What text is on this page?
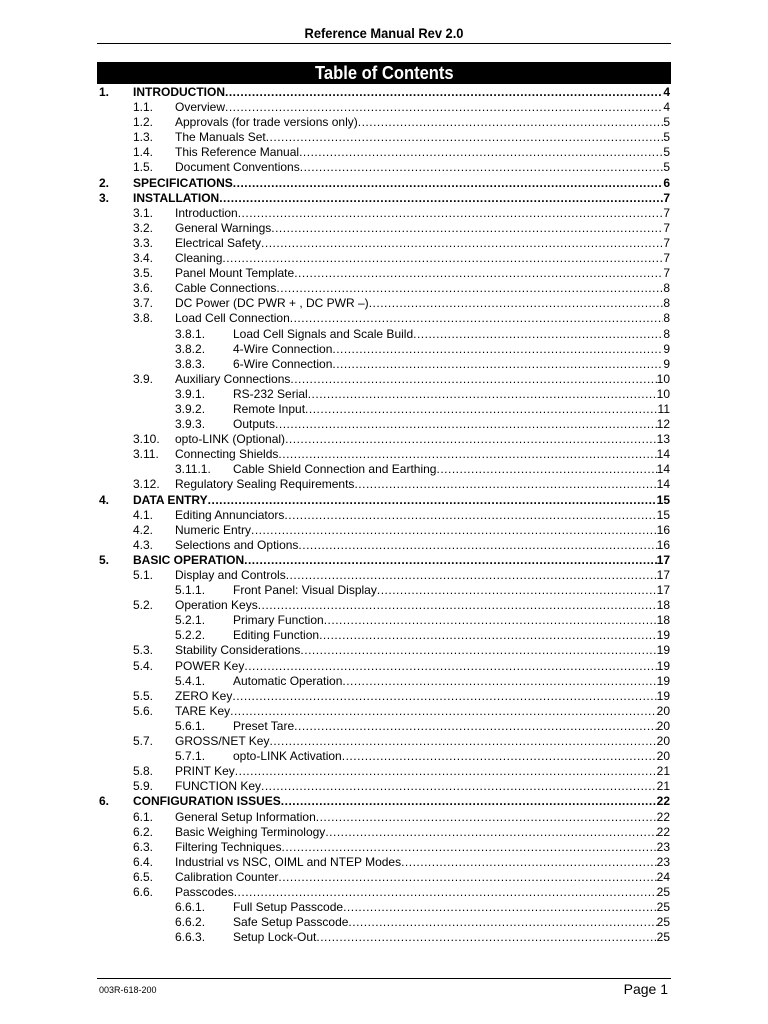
Reference Manual Rev 2.0
Table of Contents
1. INTRODUCTION .....	4
1.1. Overview .....	4
1.2. Approvals (for trade versions only) .....	5
1.3. The Manuals Set .....	5
1.4. This Reference Manual .....	5
1.5. Document Conventions .....	5
2. SPECIFICATIONS .....	6
3. INSTALLATION .....	7
3.1. Introduction .....	7
3.2. General Warnings .....	7
3.3. Electrical Safety .....	7
3.4. Cleaning .....	7
3.5. Panel Mount Template .....	7
3.6. Cable Connections .....	8
3.7. DC Power (DC PWR + , DC PWR –) .....	8
3.8. Load Cell Connection .....	8
3.8.1. Load Cell Signals and Scale Build .....	8
3.8.2. 4-Wire Connection .....	9
3.8.3. 6-Wire Connection .....	9
3.9. Auxiliary Connections .....	10
3.9.1. RS-232 Serial .....	10
3.9.2. Remote Input .....	11
3.9.3. Outputs .....	12
3.10. opto-LINK (Optional) .....	13
3.11. Connecting Shields .....	14
3.11.1. Cable Shield Connection and Earthing .....	14
3.12. Regulatory Sealing Requirements .....	14
4. DATA ENTRY .....	15
4.1. Editing Annunciators .....	15
4.2. Numeric Entry .....	16
4.3. Selections and Options .....	16
5. BASIC OPERATION .....	17
5.1. Display and Controls .....	17
5.1.1. Front Panel: Visual Display .....	17
5.2. Operation Keys .....	18
5.2.1. Primary Function .....	18
5.2.2. Editing Function .....	19
5.3. Stability Considerations .....	19
5.4. POWER Key .....	19
5.4.1. Automatic Operation .....	19
5.5. ZERO Key .....	19
5.6. TARE Key .....	20
5.6.1. Preset Tare .....	20
5.7. GROSS/NET Key .....	20
5.7.1. opto-LINK Activation .....	20
5.8. PRINT Key .....	21
5.9. FUNCTION Key .....	21
6. CONFIGURATION ISSUES .....	22
6.1. General Setup Information .....	22
6.2. Basic Weighing Terminology .....	22
6.3. Filtering Techniques .....	23
6.4. Industrial vs NSC, OIML and NTEP Modes .....	23
6.5. Calibration Counter .....	24
6.6. Passcodes .....	25
6.6.1. Full Setup Passcode .....	25
6.6.2. Safe Setup Passcode .....	25
6.6.3. Setup Lock-Out .....	25
003R-618-200	Page 1
